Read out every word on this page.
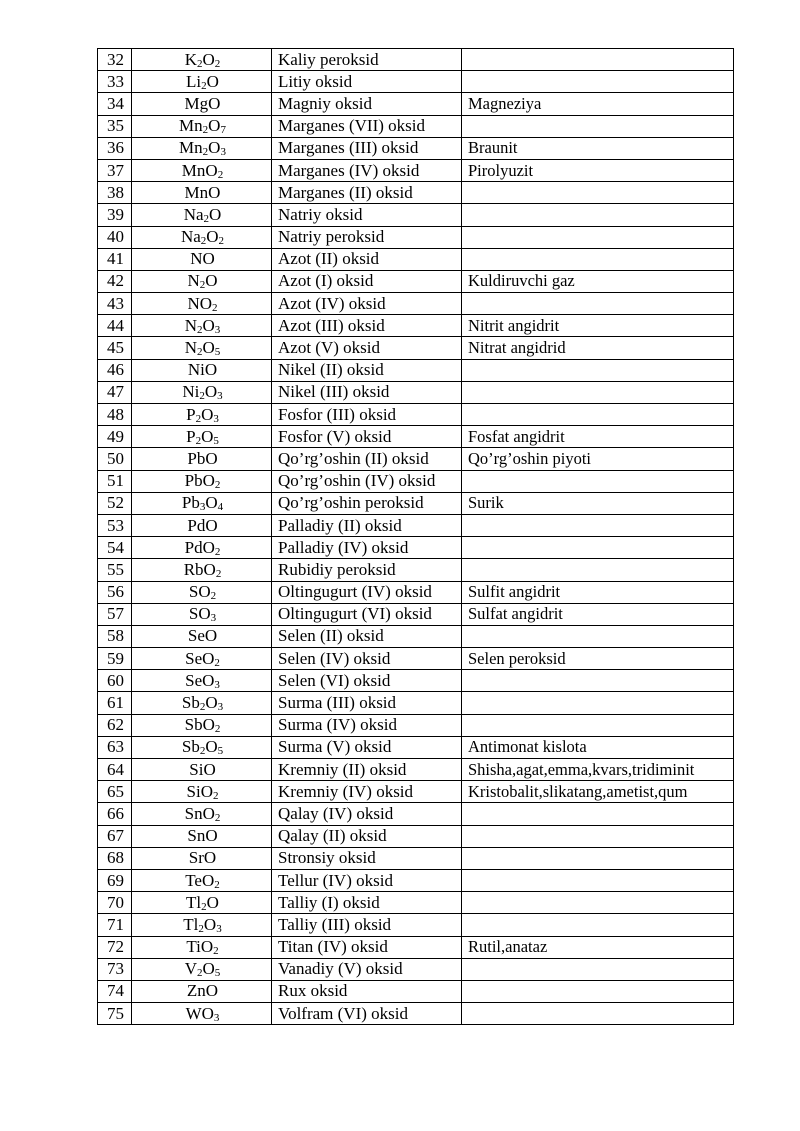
32	$K_2O_2$	Kaliy peroksid	
33	$Li_2O$	Litiy oksid	
34	MgO	Magniy oksid	Magneziya
35	$Mn_2O_7$	Marganes (VII) oksid	
36	$Mn_2O_3$	Marganes (III) oksid	Braunit
37	MnO$_2$	Marganes (IV) oksid	Pirolyuzit
38	MnO	Marganes (II) oksid	
39	$Na_2O$	Natriy oksid	
40	$Na_2O_2$	Natriy peroksid	
41	NO	Azot (II) oksid	
42	$N_2O$	Azot (I) oksid	Kuldiruvchi gaz
43	$NO_2$	Azot (IV) oksid	
44	$N_2O_3$	Azot (III) oksid	Nitrit angidrit
45	$N_2O_5$	Azot (V) oksid	Nitrat angidrid
46	NiO	Nikel (II) oksid	
47	$Ni_2O_3$	Nikel (III) oksid	
48	$P_2O_3$	Fosfor (III) oksid	
49	$P_2O_5$	Fosfor (V) oksid	Fosfat angidrit
50	PbO	Qo’rg’oshin (II) oksid	Qo’rg’oshin piyoti
51	PbO$_2$	Qo’rg’oshin (IV) oksid	
52	$Pb_3O_4$	Qo’rg’oshin peroksid	Surik
53	PdO	Palladiy (II) oksid	
54	PdO$_2$	Palladiy (IV) oksid	
55	RbO$_2$	Rubidiy peroksid	
56	$SO_2$	Oltingugurt (IV) oksid	Sulfit angidrit
57	$SO_3$	Oltingugurt (VI) oksid	Sulfat angidrit
58	SeO	Selen (II) oksid	
59	SeO$_2$	Selen (IV) oksid	Selen peroksid
60	SeO$_3$	Selen (VI) oksid	
61	$Sb_2O_3$	Surma (III) oksid	
62	SbO$_2$	Surma (IV) oksid	
63	$Sb_2O_5$	Surma (V) oksid	Antimonat kislota
64	SiO	Kremniy (II) oksid	Shisha,agat,emma,kvars,tridiminit
65	SiO$_2$	Kremniy (IV) oksid	Kristobalit,slikatang,ametist,qum
66	SnO$_2$	Qalay (IV) oksid	
67	SnO	Qalay (II) oksid	
68	SrO	Stronsiy oksid	
69	TeO$_2$	Tellur (IV) oksid	
70	$Tl_2O$	Talliy (I) oksid	
71	$Tl_2O_3$	Talliy (III) oksid	
72	TiO$_2$	Titan (IV) oksid	Rutil,anataz
73	$V_2O_5$	Vanadiy (V) oksid	
74	ZnO	Rux oksid	
75	$WO_3$	Volfram (VI) oksid	
